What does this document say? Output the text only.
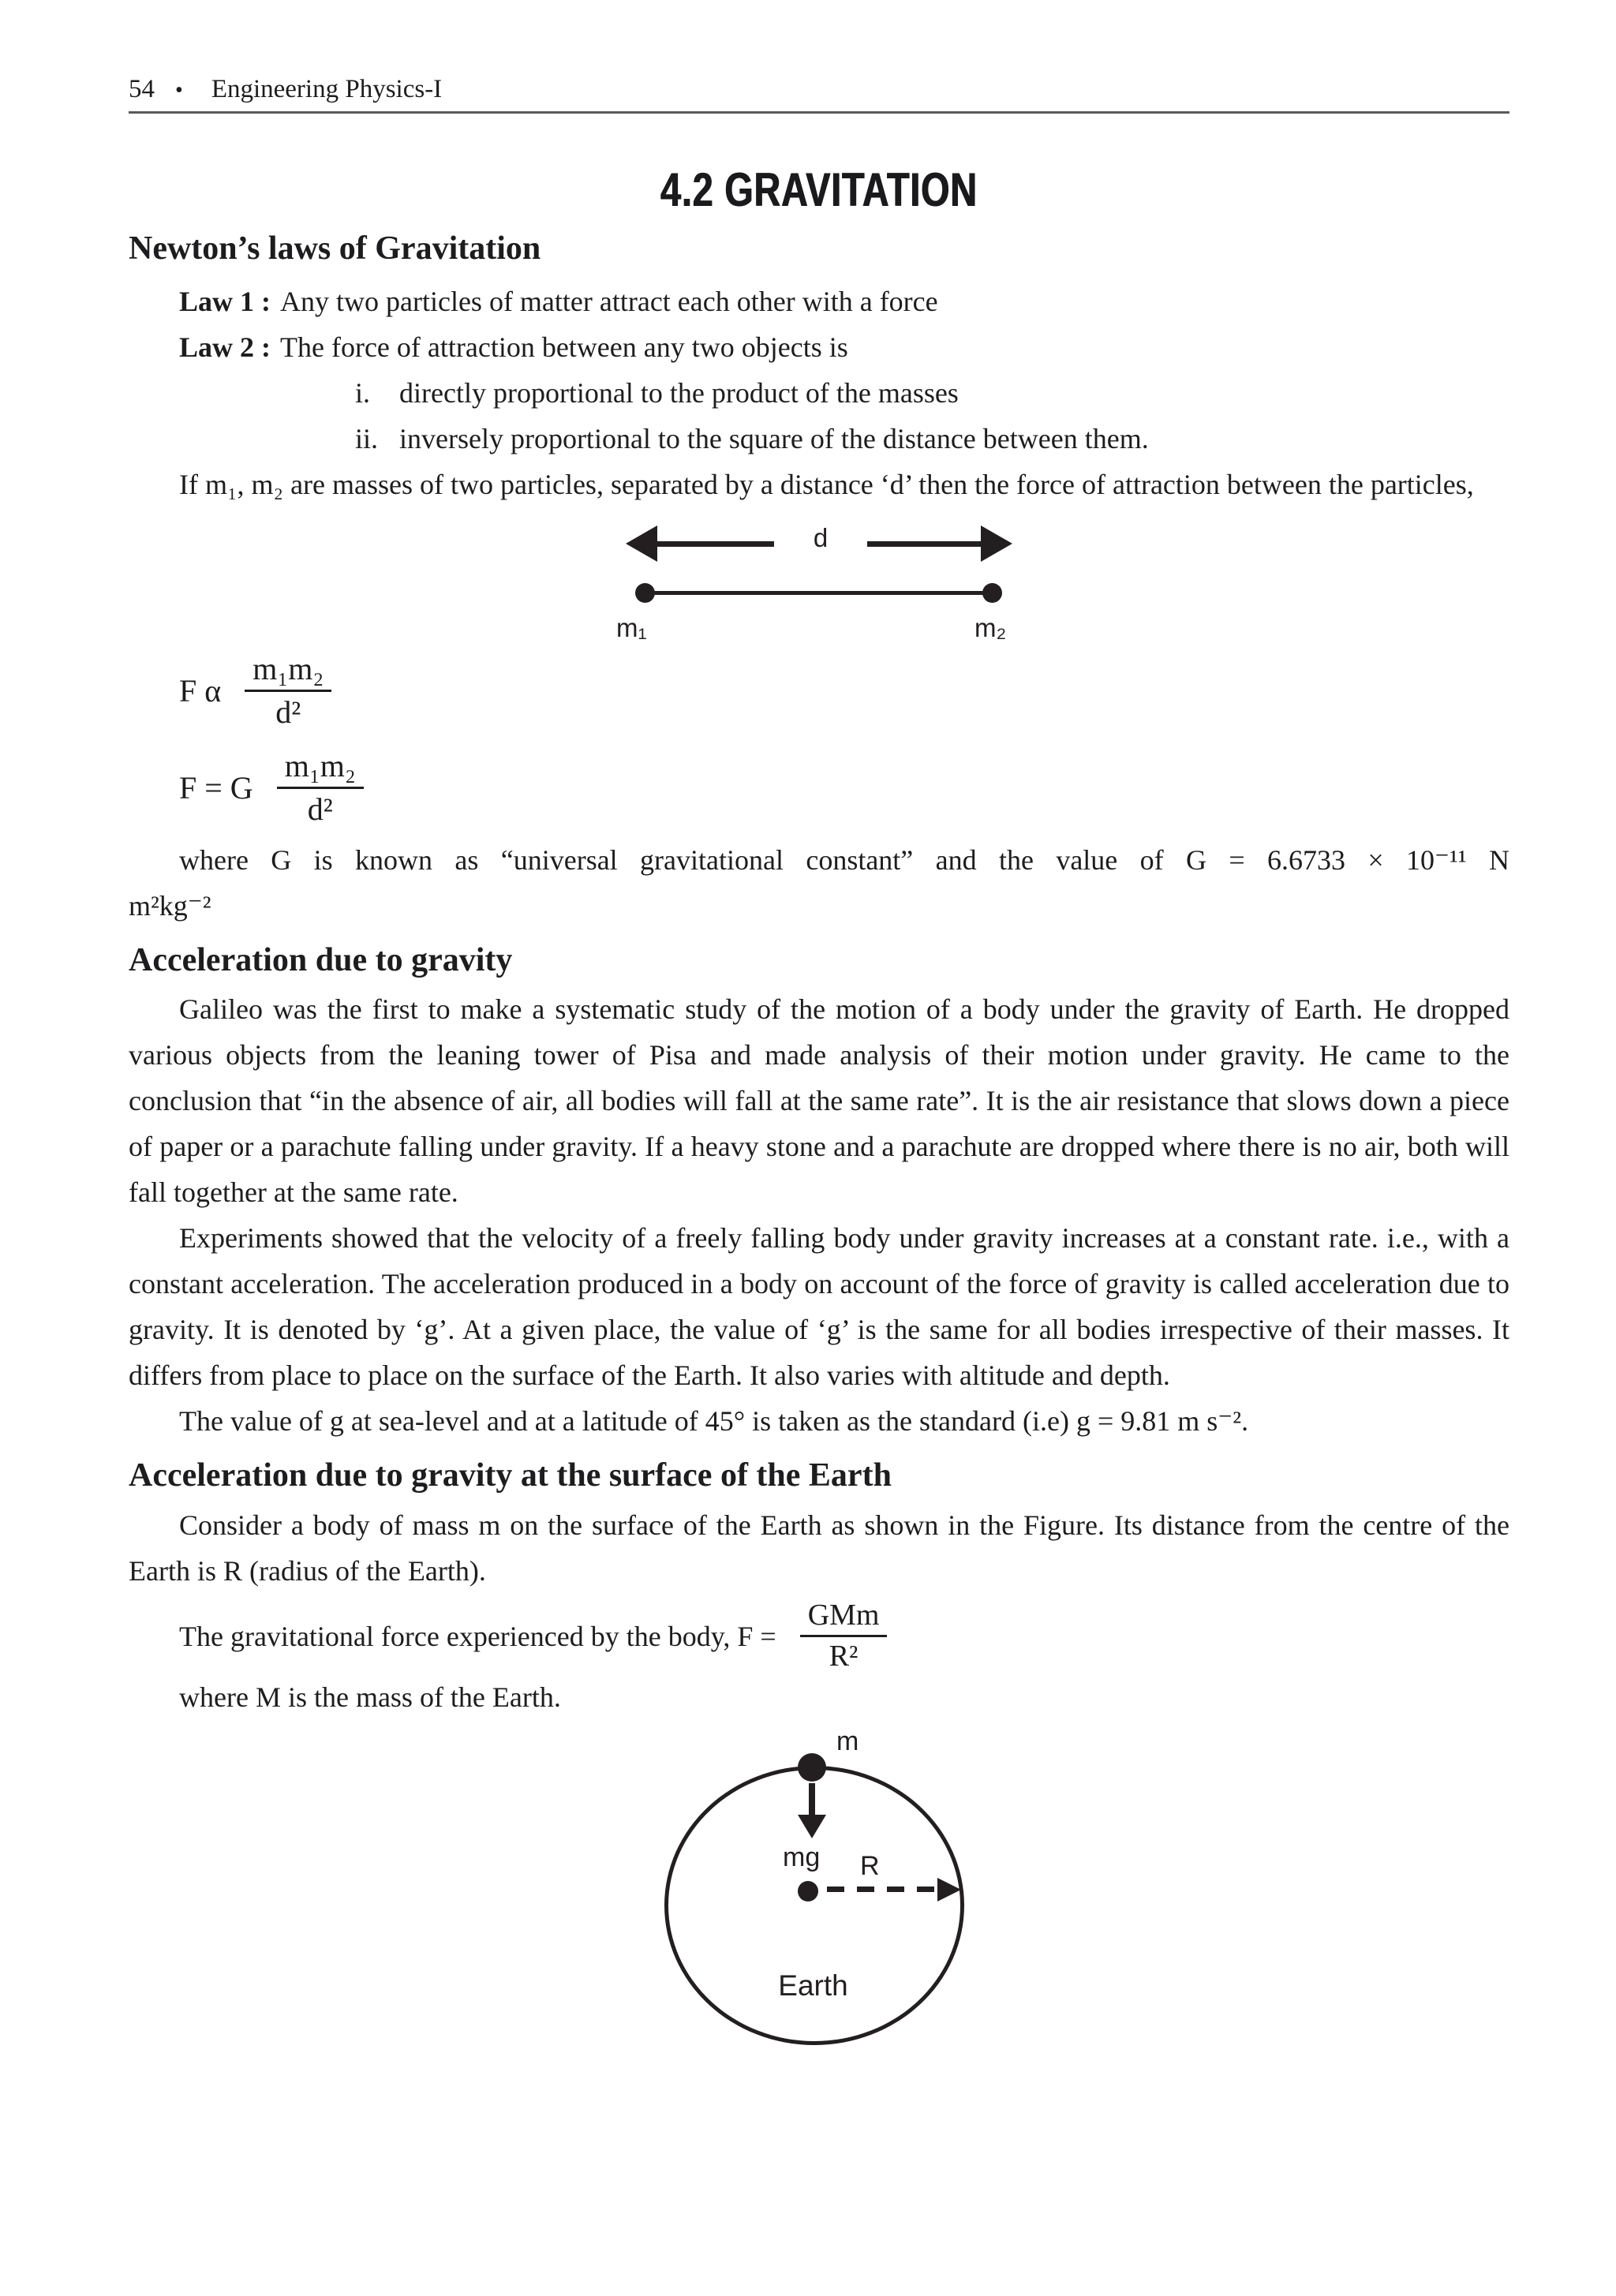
54 • Engineering Physics-I
4.2 GRAVITATION
Newton’s laws of Gravitation

Law 1 : Any two particles of matter attract each other with a force

Law 2 : The force of attraction between any two objects is

i. directly proportional to the product of the masses

ii. inversely proportional to the square of the distance between them.

If m₁, m₂ are masses of two particles, separated by a distance ‘d’ then the force of attraction between the particles,

d
m₁	m₂
F α $\frac{\text{m₁m₂}}{\text{d²}}$
F = G $\frac{\text{m₁m₂}}{\text{d²}}$

where G is known as “universal gravitational constant” and the value of G = 6.6733 × 10⁻¹¹ N

m²kg⁻²

Acceleration due to gravity

Galileo was the first to make a systematic study of the motion of a body under the gravity of Earth. He dropped various objects from the leaning tower of Pisa and made analysis of their motion under gravity. He came to the conclusion that “in the absence of air, all bodies will fall at the same rate”. It is the air resistance that slows down a piece of paper or a parachute falling under gravity. If a heavy stone and a parachute are dropped where there is no air, both will fall together at the same rate.

Experiments showed that the velocity of a freely falling body under gravity increases at a constant rate. i.e., with a constant acceleration. The acceleration produced in a body on account of the force of gravity is called acceleration due to gravity. It is denoted by ‘g’. At a given place, the value of ‘g’ is the same for all bodies irrespective of their masses. It differs from place to place on the surface of the Earth. It also varies with altitude and depth.

The value of g at sea-level and at a latitude of 45° is taken as the standard (i.e) g = 9.81 m s⁻².

Acceleration due to gravity at the surface of the Earth

Consider a body of mass m on the surface of the Earth as shown in the Figure. Its distance from the centre of the Earth is R (radius of the Earth).

The gravitational force experienced by the body, $F = \frac{\text{GMm}}{\text{R²}}$

where M is the mass of the Earth.

m
mg R
Earth
